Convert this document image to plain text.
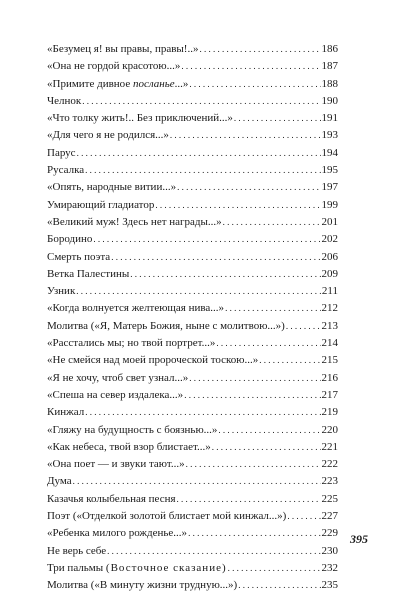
«Безумец я! вы правы, правы!..» . . .	186
«Она не гордой красотою...» . . .	187
«Примите дивное посланье...» . . .	188
Челнок . . .	190
«Что толку жить!.. Без приключений...» . . .	191
«Для чего я не родился...» . . .	193
Парус . . .	194
Русалка . . .	195
«Опять, народные витии...» . . .	197
Умирающий гладиатор . . .	199
«Великий муж! Здесь нет награды...» . . .	201
Бородино . . .	202
Смерть поэта . . .	206
Ветка Палестины . . .	209
Узник . . .	211
«Когда волнуется желтеющая нива...» . . .	212
Молитва («Я, Матерь Божия, ныне с молитвою...») . . .	213
«Расстались мы; но твой портрет...» . . .	214
«Не смейся над моей пророческой тоскою...» . . .	215
«Я не хочу, чтоб свет узнал...» . . .	216
«Спеша на север издалека...» . . .	217
Кинжал . . .	219
«Гляжу на будущность с боязнью...» . . .	220
«Как небеса, твой взор блистает...» . . .	221
«Она поет — и звуки тают...» . . .	222
Дума . . .	223
Казачья колыбельная песня . . .	225
Поэт («Отделкой золотой блистает мой кинжал...») . . .	227
«Ребенка милого рожденье...» . . .	229
Не верь себе . . .	230
Три пальмы (Восточное сказание) . . .	232
Молитва («В минуту жизни трудную...») . . .	235
395
